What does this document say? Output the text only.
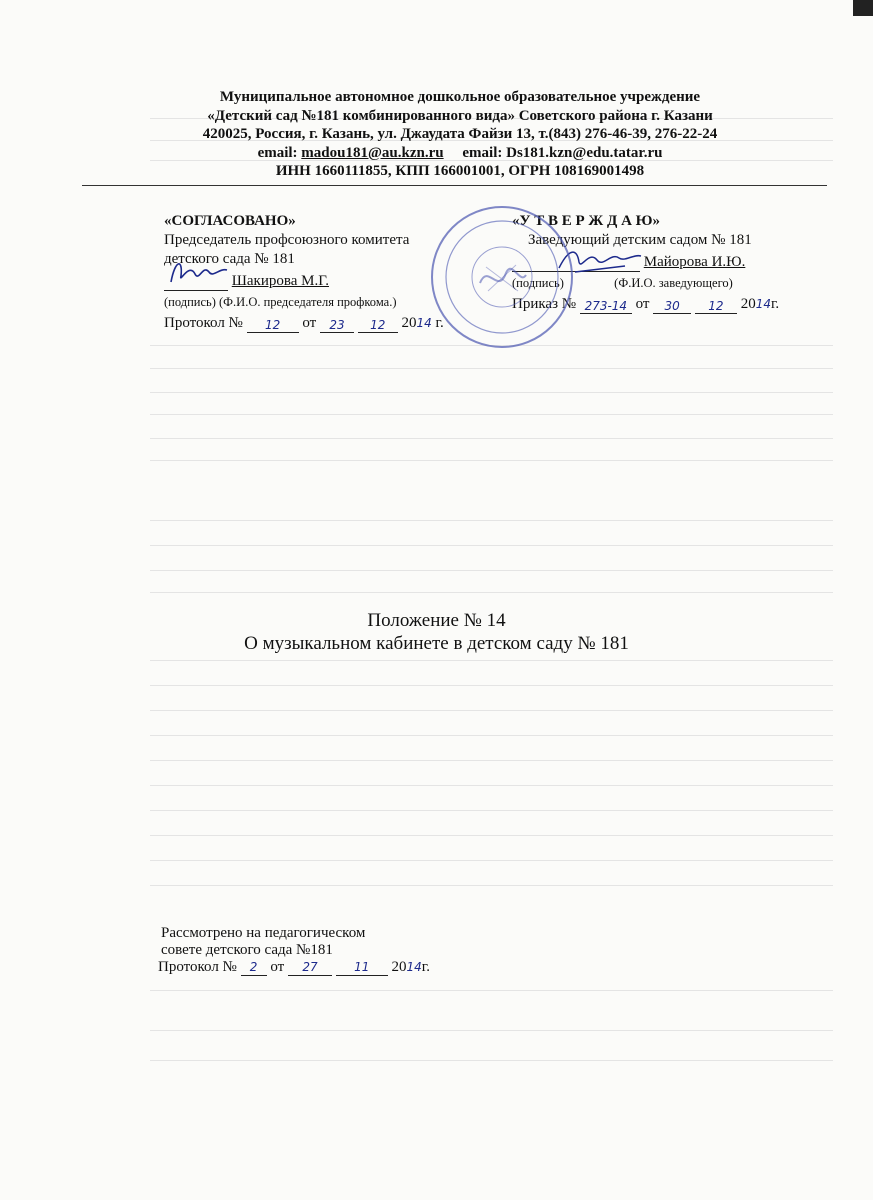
Муниципальное автономное дошкольное образовательное учреждение
«Детский сад №181 комбинированного вида» Советского района г. Казани
420025, Россия, г. Казань, ул. Джаудата Файзи 13, т.(843) 276-46-39, 276-22-24
email: madou181@au.kzn.ru email: Ds181.kzn@edu.tatar.ru
ИНН 1660111855, КПП 166001001, ОГРН 108169001498
«СОГЛАСОВАНО»
Председатель профсоюзного комитета
детского сада № 181
Шакирова М.Г.
(подпись) (Ф.И.О. председателя профкома.)
Протокол № 12 от 23 12 2014 г.
«У Т В Е Р Ж Д А Ю»
Заведующий детским садом № 181
Майорова И.Ю.
(подпись)	(Ф.И.О. заведующего)
Приказ № 273-14 от 30 12 2014г.
Положение № 14
О музыкальном кабинете в детском саду № 181
Рассмотрено на педагогическом
совете детского сада №181
Протокол № 2 от 27	11 2014г.
